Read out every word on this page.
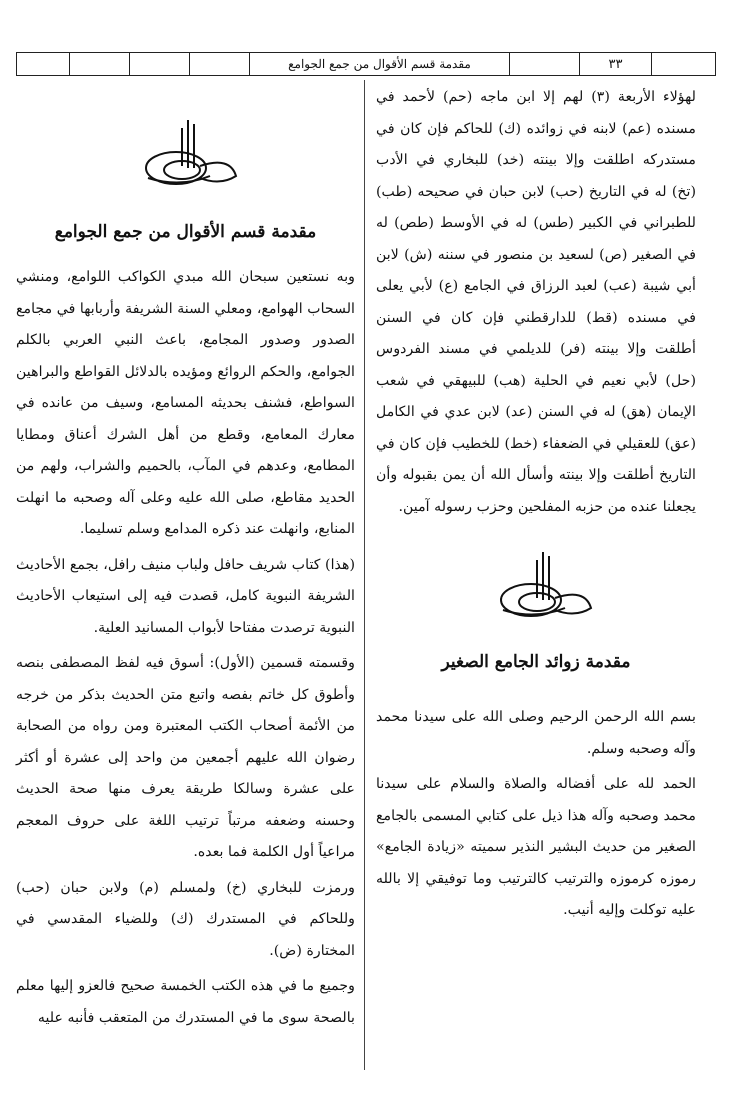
٣٣
مقدمة قسم الأقوال من جمع الجوامع

لهؤلاء الأربعة (٣) لهم إلا ابن ماجه (حم) لأحمد في مسنده (عم) لابنه في زوائده (ك) للحاكم فإن كان في مستدركه اطلقت وإلا بينته (خد) للبخاري في الأدب (تخ) له في التاريخ (حب) لابن حبان في صحيحه (طب) للطبراني في الكبير (طس) له في الأوسط (طص) له في الصغير (ص) لسعيد بن منصور في سننه (ش) لابن أبي شيبة (عب) لعبد الرزاق في الجامع (ع) لأبي يعلى في مسنده (قط) للدارقطني فإن كان في السنن أطلقت وإلا بينته (فر) للديلمي في مسند الفردوس (حل) لأبي نعيم في الحلية (هب) للبيهقي في شعب الإيمان (هق) له في السنن (عد) لابن عدي في الكامل (عق) للعقيلي في الضعفاء (خط) للخطيب فإن كان في التاريخ أطلقت وإلا بينته وأسأل الله أن يمن بقبوله وأن يجعلنا عنده من حزبه المفلحين وحزب رسوله آمين.

مقدمة زوائد الجامع الصغير

بسم الله الرحمن الرحيم وصلى الله على سيدنا محمد وآله وصحبه وسلم.

الحمد لله على أفضاله والصلاة والسلام على سيدنا محمد وصحبه وآله هذا ذيل على كتابي المسمى بالجامع الصغير من حديث البشير النذير سميته «زيادة الجامع» رموزه كرموزه والترتيب كالترتيب وما توفيقي إلا بالله عليه توكلت وإليه أنيب.

مقدمة قسم الأقوال من جمع الجوامع

وبه نستعين سبحان الله مبدي الكواكب اللوامع، ومنشي السحاب الهوامع، ومعلي السنة الشريفة وأربابها في مجامع الصدور وصدور المجامع، باعث النبي العربي بالكلم الجوامع، والحكم الروائع ومؤيده بالدلائل القواطع والبراهين السواطع، فشنف بحديثه المسامع، وسيف من عانده في معارك المعامع، وقطع من أهل الشرك أعناق ومطايا المطامع، وعدهم في المآب، بالحميم والشراب، ولهم من الحديد مقاطع، صلى الله عليه وعلى آله وصحبه ما انهلت المنابع، وانهلت عند ذكره المدامع وسلم تسليما.

(هذا) كتاب شريف حافل ولباب منيف رافل، بجمع الأحاديث الشريفة النبوية كامل، قصدت فيه إلى استيعاب الأحاديث النبوية ترصدت مفتاحا لأبواب المسانيد العلية.

وقسمته قسمين (الأول): أسوق فيه لفظ المصطفى بنصه وأطوق كل خاتم بفصه واتبع متن الحديث بذكر من خرجه من الأئمة أصحاب الكتب المعتبرة ومن رواه من الصحابة رضوان الله عليهم أجمعين من واحد إلى عشرة أو أكثر على عشرة وسالكا طريقة يعرف منها صحة الحديث وحسنه وضعفه مرتباً ترتيب اللغة على حروف المعجم مراعياً أول الكلمة فما بعده.

ورمزت للبخاري (خ) ولمسلم (م) ولابن حبان (حب) وللحاكم في المستدرك (ك) وللضياء المقدسي في المختارة (ض).

وجميع ما في هذه الكتب الخمسة صحيح فالعزو إليها معلم بالصحة سوى ما في المستدرك من المتعقب فأنبه عليه
